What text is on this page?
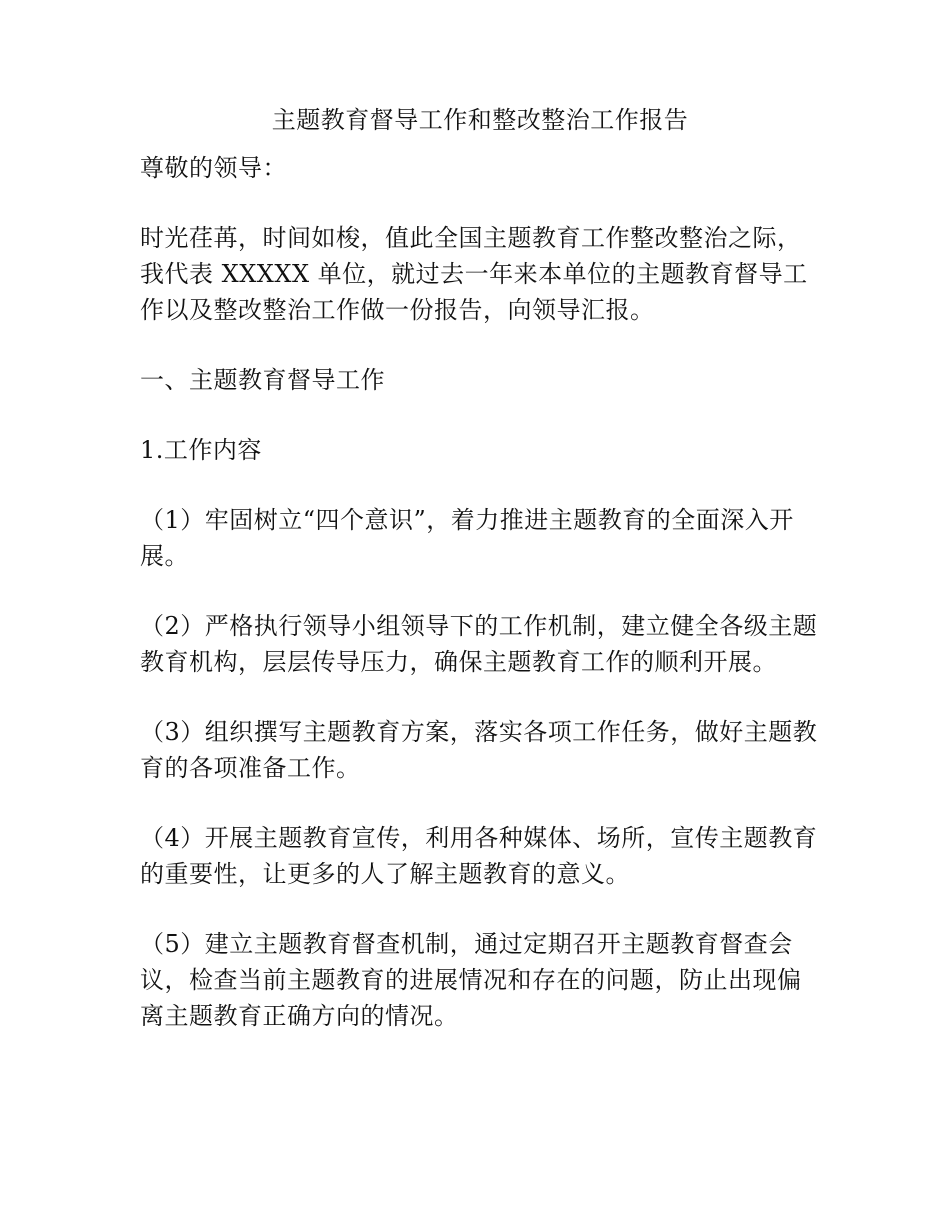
主题教育督导工作和整改整治工作报告

尊敬的领导：

时光荏苒，时间如梭，值此全国主题教育工作整改整治之际，我代表 XXXXX 单位，就过去一年来本单位的主题教育督导工作以及整改整治工作做一份报告，向领导汇报。

一、主题教育督导工作

1.工作内容

（1）牢固树立“四个意识”，着力推进主题教育的全面深入开展。

（2）严格执行领导小组领导下的工作机制，建立健全各级主题教育机构，层层传导压力，确保主题教育工作的顺利开展。

（3）组织撰写主题教育方案，落实各项工作任务，做好主题教育的各项准备工作。

（4）开展主题教育宣传，利用各种媒体、场所，宣传主题教育的重要性，让更多的人了解主题教育的意义。

（5）建立主题教育督查机制，通过定期召开主题教育督查会议，检查当前主题教育的进展情况和存在的问题，防止出现偏离主题教育正确方向的情况。
